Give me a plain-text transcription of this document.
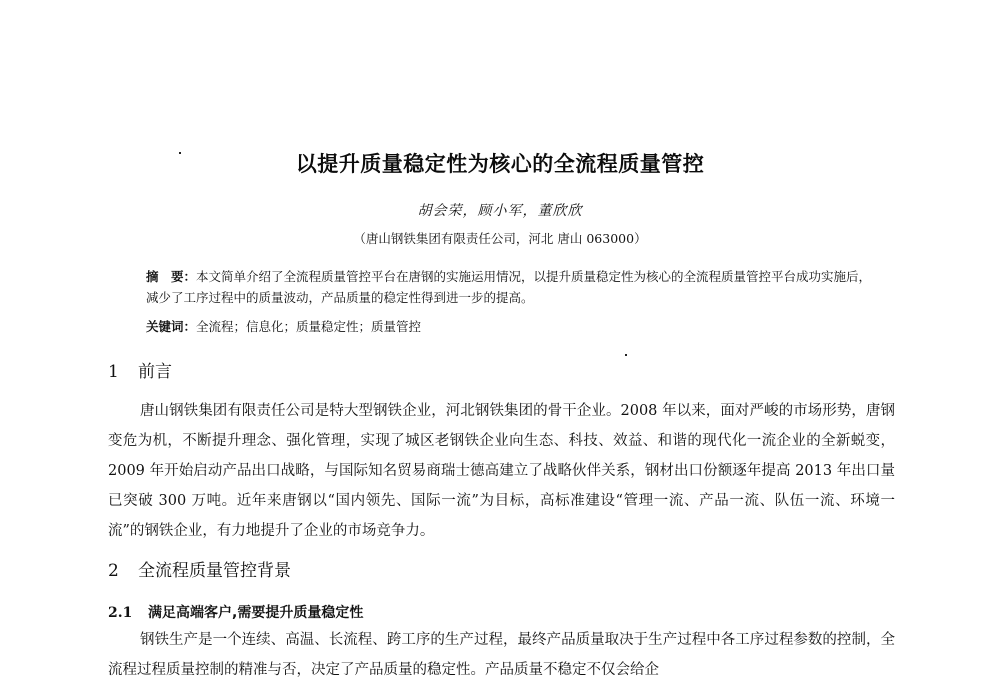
以提升质量稳定性为核心的全流程质量管控
胡会荣，顾小军，董欣欣
（唐山钢铁集团有限责任公司，河北 唐山 063000）
摘　要：本文简单介绍了全流程质量管控平台在唐钢的实施运用情况，以提升质量稳定性为核心的全流程质量管控平台成功实施后，减少了工序过程中的质量波动，产品质量的稳定性得到进一步的提高。
关键词：全流程；信息化；质量稳定性；质量管控
1 前言

唐山钢铁集团有限责任公司是特大型钢铁企业，河北钢铁集团的骨干企业。2008 年以来，面对严峻的市场形势，唐钢变危为机，不断提升理念、强化管理，实现了城区老钢铁企业向生态、科技、效益、和谐的现代化一流企业的全新蜕变，2009 年开始启动产品出口战略，与国际知名贸易商瑞士德高建立了战略伙伴关系，钢材出口份额逐年提高 2013 年出口量已突破 300 万吨。近年来唐钢以“国内领先、国际一流”为目标，高标准建设“管理一流、产品一流、队伍一流、环境一流”的钢铁企业，有力地提升了企业的市场竞争力。

2 全流程质量管控背景
2.1 满足高端客户,需要提升质量稳定性

钢铁生产是一个连续、高温、长流程、跨工序的生产过程，最终产品质量取决于生产过程中各工序过程参数的控制，全流程过程质量控制的精准与否，决定了产品质量的稳定性。产品质量不稳定不仅会给企
